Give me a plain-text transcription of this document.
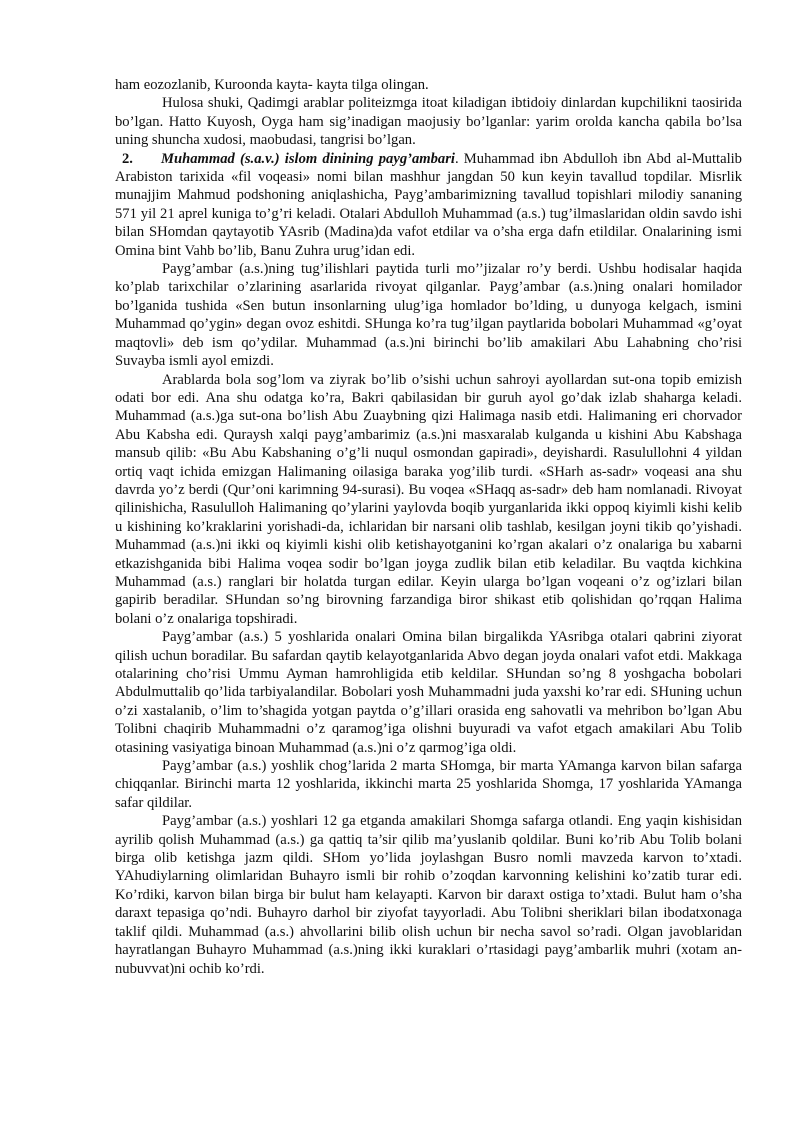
ham eozozlanib, Kuroonda kayta- kayta tilga olingan.

Hulosa shuki, Qadimgi arablar politeizmga itoat kiladigan ibtidoiy dinlardan kupchilikni taosirida bo’lgan. Hatto Kuyosh, Oyga ham sig’inadigan maojusiy bo’lganlar: yarim orolda kancha qabila bo’lsa uning shuncha xudosi, maobudasi, tangrisi bo’lgan.

2. Muhammad (s.a.v.) islom dinining payg’ambari. Muhammad ibn Abdulloh ibn Abd al-Muttalib Arabiston tarixida «fil voqeasi» nomi bilan mashhur jangdan 50 kun keyin tavallud topdilar. Misrlik munajjim Mahmud podshoning aniqlashicha, Payg’ambarimizning tavallud topishlari milodiy sananing 571 yil 21 aprel kuniga to’g’ri keladi. Otalari Abdulloh Muhammad (a.s.) tug’ilmaslaridan oldin savdo ishi bilan SHomdan qaytayotib YAsrib (Madina)da vafot etdilar va o’sha erga dafn etildilar. Onalarining ismi Omina bint Vahb bo’lib, Banu Zuhra urug’idan edi.

Payg’ambar (a.s.)ning tug’ilishlari paytida turli mo’’jizalar ro’y berdi. Ushbu hodisalar haqida ko’plab tarixchilar o’zlarining asarlarida rivoyat qilganlar. Payg’ambar (a.s.)ning onalari homilador bo’lganida tushida «Sen butun insonlarning ulug’iga homlador bo’lding, u dunyoga kelgach, ismini Muhammad qo’ygin» degan ovoz eshitdi. SHunga ko’ra tug’ilgan paytlarida bobolari Muhammad «g’oyat maqtovli» deb ism qo’ydilar. Muhammad (a.s.)ni birinchi bo’lib amakilari Abu Lahabning cho’risi Suvayba ismli ayol emizdi.

Arablarda bola sog’lom va ziyrak bo’lib o’sishi uchun sahroyi ayollardan sut-ona topib emizish odati bor edi. Ana shu odatga ko’ra, Bakri qabilasidan bir guruh ayol go’dak izlab shaharga keladi. Muhammad (a.s.)ga sut-ona bo’lish Abu Zuaybning qizi Halimaga nasib etdi. Halimaning eri chorvador Abu Kabsha edi. Quraysh xalqi payg’ambarimiz (a.s.)ni masxaralab kulganda u kishini Abu Kabshaga mansub qilib: «Bu Abu Kabshaning o’g’li nuqul osmondan gapiradi», deyishardi. Rasulullohni 4 yildan ortiq vaqt ichida emizgan Halimaning oilasiga baraka yog’ilib turdi. «SHarh as-sadr» voqeasi ana shu davrda yo’z berdi (Qur’oni karimning 94-surasi). Bu voqea «SHaqq as-sadr» deb ham nomlanadi. Rivoyat qilinishicha, Rasululloh Halimaning qo’ylarini yaylovda boqib yurganlarida ikki oppoq kiyimli kishi kelib u kishining ko’kraklarini yorishadi-da, ichlaridan bir narsani olib tashlab, kesilgan joyni tikib qo’yishadi. Muhammad (a.s.)ni ikki oq kiyimli kishi olib ketishayotganini ko’rgan akalari o’z onalariga bu xabarni etkazishganida bibi Halima voqea sodir bo’lgan joyga zudlik bilan etib keladilar. Bu vaqtda kichkina Muhammad (a.s.) ranglari bir holatda turgan edilar. Keyin ularga bo’lgan voqeani o’z og’izlari bilan gapirib beradilar. SHundan so’ng birovning farzandiga biror shikast etib qolishidan qo’rqqan Halima bolani o’z onalariga topshiradi.

Payg’ambar (a.s.) 5 yoshlarida onalari Omina bilan birgalikda YAsribga otalari qabrini ziyorat qilish uchun boradilar. Bu safardan qaytib kelayotganlarida Abvo degan joyda onalari vafot etdi. Makkaga otalarining cho’risi Ummu Ayman hamrohligida etib keldilar. SHundan so’ng 8 yoshgacha bobolari Abdulmuttalib qo’lida tarbiyalandilar. Bobolari yosh Muhammadni juda yaxshi ko’rar edi. SHuning uchun o’zi xastalanib, o’lim to’shagida yotgan paytda o’g’illari orasida eng sahovatli va mehribon bo’lgan Abu Tolibni chaqirib Muhammadni o’z qaramog’iga olishni buyuradi va vafot etgach amakilari Abu Tolib otasining vasiyatiga binoan Muhammad (a.s.)ni o’z qarmog’iga oldi.

Payg’ambar (a.s.) yoshlik chog’larida 2 marta SHomga, bir marta YAmanga karvon bilan safarga chiqqanlar. Birinchi marta 12 yoshlarida, ikkinchi marta 25 yoshlarida Shomga, 17 yoshlarida YAmanga safar qildilar.

Payg’ambar (a.s.) yoshlari 12 ga etganda amakilari Shomga safarga otlandi. Eng yaqin kishisidan ayrilib qolish Muhammad (a.s.) ga qattiq ta’sir qilib ma’yuslanib qoldilar. Buni ko’rib Abu Tolib bolani birga olib ketishga jazm qildi. SHom yo’lida joylashgan Busro nomli mavzeda karvon to’xtadi. YAhudiylarning olimlaridan Buhayro ismli bir rohib o’zoqdan karvonning kelishini ko’zatib turar edi. Ko’rdiki, karvon bilan birga bir bulut ham kelayapti. Karvon bir daraxt ostiga to’xtadi. Bulut ham o’sha daraxt tepasiga qo’ndi. Buhayro darhol bir ziyofat tayyorladi. Abu Tolibni sheriklari bilan ibodatxonaga taklif qildi. Muhammad (a.s.) ahvollarini bilib olish uchun bir necha savol so’radi. Olgan javoblaridan hayratlangan Buhayro Muhammad (a.s.)ning ikki kuraklari o’rtasidagi payg’ambarlik muhri (xotam an-nubuvvat)ni ochib ko’rdi.
